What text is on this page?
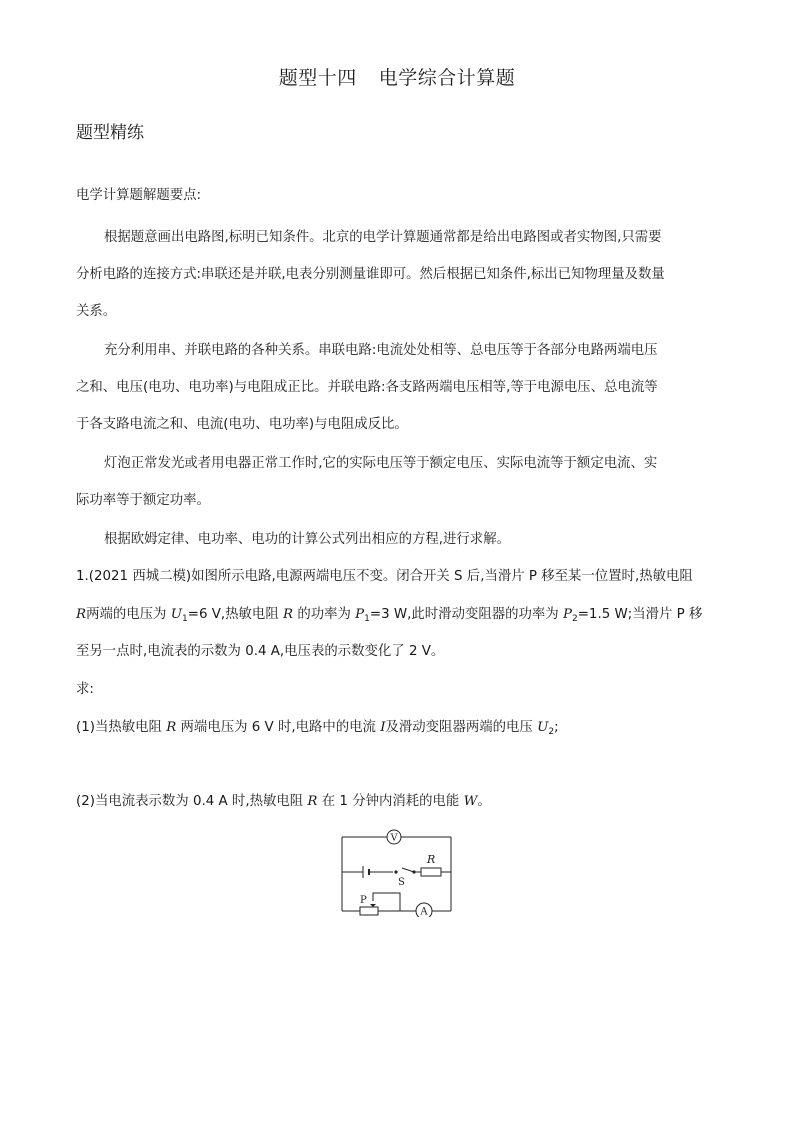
题型十四 电学综合计算题
题型精练
电学计算题解题要点:
根据题意画出电路图,标明已知条件。北京的电学计算题通常都是给出电路图或者实物图,只需要
分析电路的连接方式:串联还是并联,电表分别测量谁即可。然后根据已知条件,标出已知物理量及数量
关系。
充分利用串、并联电路的各种关系。串联电路:电流处处相等、总电压等于各部分电路两端电压
之和、电压(电功、电功率)与电阻成正比。并联电路:各支路两端电压相等,等于电源电压、总电流等
于各支路电流之和、电流(电功、电功率)与电阻成反比。
灯泡正常发光或者用电器正常工作时,它的实际电压等于额定电压、实际电流等于额定电流、实
际功率等于额定功率。
根据欧姆定律、电功率、电功的计算公式列出相应的方程,进行求解。
1.(2021 西城二模)如图所示电路,电源两端电压不变。闭合开关 S 后,当滑片 P 移至某一位置时,热敏电阻
R两端的电压为 $U_1=6$ V,热敏电阻 R 的功率为 $P_1=3$ W,此时滑动变阻器的功率为 $P_2=1.5$ W;当滑片 P 移
至另一点时,电流表的示数为 0.4 A,电压表的示数变化了 2 V。
求:
(1)当热敏电阻 R 两端电压为 6 V 时,电路中的电流 I及滑动变阻器两端的电压 $U_2$;
(2)当电流表示数为 0.4 A 时,热敏电阻 R 在 1 分钟内消耗的电能 W。
V
A
S
R
P
